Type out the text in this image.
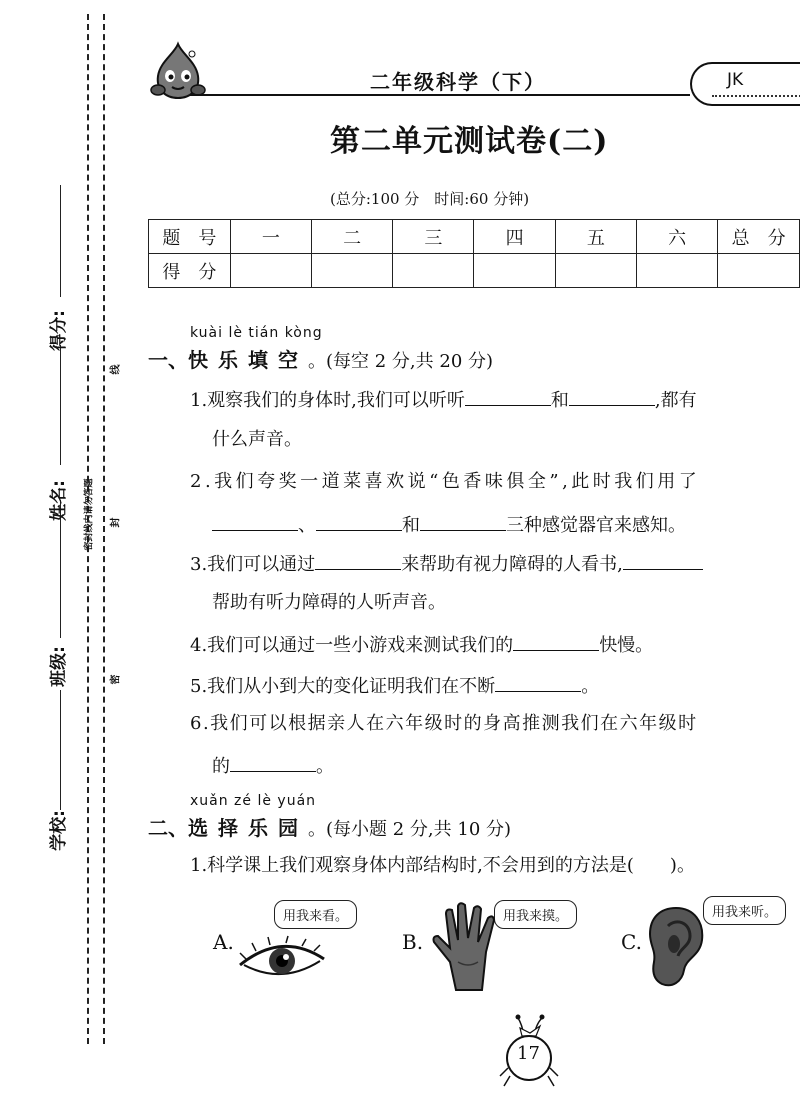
学校:
班级:
姓名:
得分:
密封线内请勿答题
密
封
线
二年级科学（下）	JK
第二单元测试卷(二)
(总分:100 分　时间:60 分钟)
题　号	一	二	三	四	五	六	总　分
得　分							
kuài lè tián kòng
一、快乐填空。(每空 2 分,共 20 分)
1.观察我们的身体时,我们可以听听	和	,都有
什么声音。
2.我们夸奖一道菜喜欢说“色香味俱全”,此时我们用了
、	和	三种感觉器官来感知。
3.我们可以通过	来帮助有视力障碍的人看书,
帮助有听力障碍的人听声音。
4.我们可以通过一些小游戏来测试我们的	快慢。
5.我们从小到大的变化证明我们在不断	。
6.我们可以根据亲人在六年级时的身高推测我们在六年级时
的	。
xuǎn zé lè yuán
二、选择乐园。(每小题 2 分,共 10 分)
1.科学课上我们观察身体内部结构时,不会用到的方法是(　　)。
A.
用我来看。
B.
用我来摸。
C.
用我来听。
17
